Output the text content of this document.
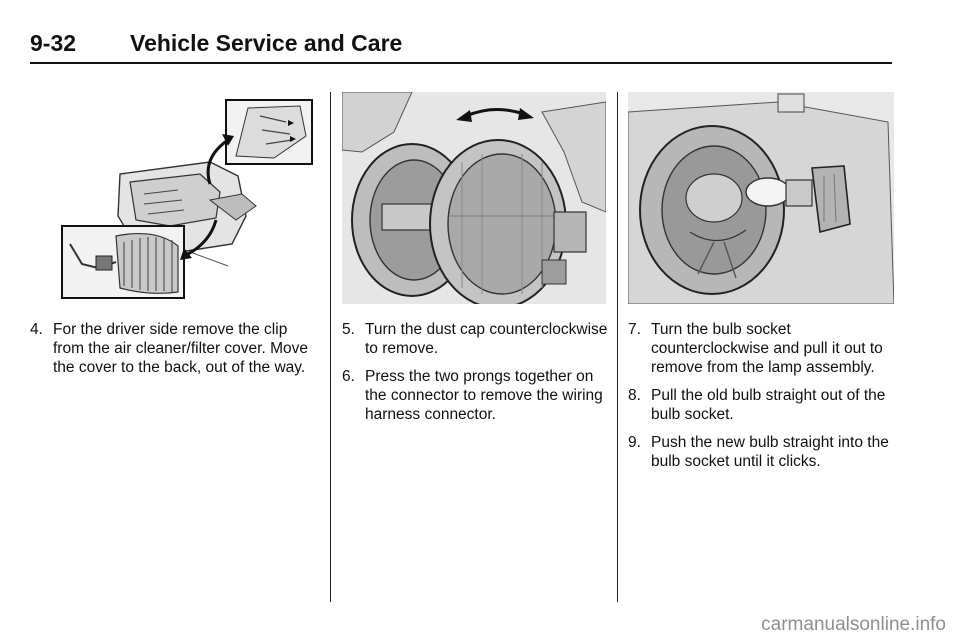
9-32 Vehicle Service and Care
4. For the driver side remove the clip from the air cleaner/filter cover. Move the cover to the back, out of the way.
5. Turn the dust cap counterclockwise to remove.
6. Press the two prongs together on the connector to remove the wiring harness connector.
7. Turn the bulb socket counterclockwise and pull it out to remove from the lamp assembly.
8. Pull the old bulb straight out of the bulb socket.
9. Push the new bulb straight into the bulb socket until it clicks.
carmanualsonline.info
